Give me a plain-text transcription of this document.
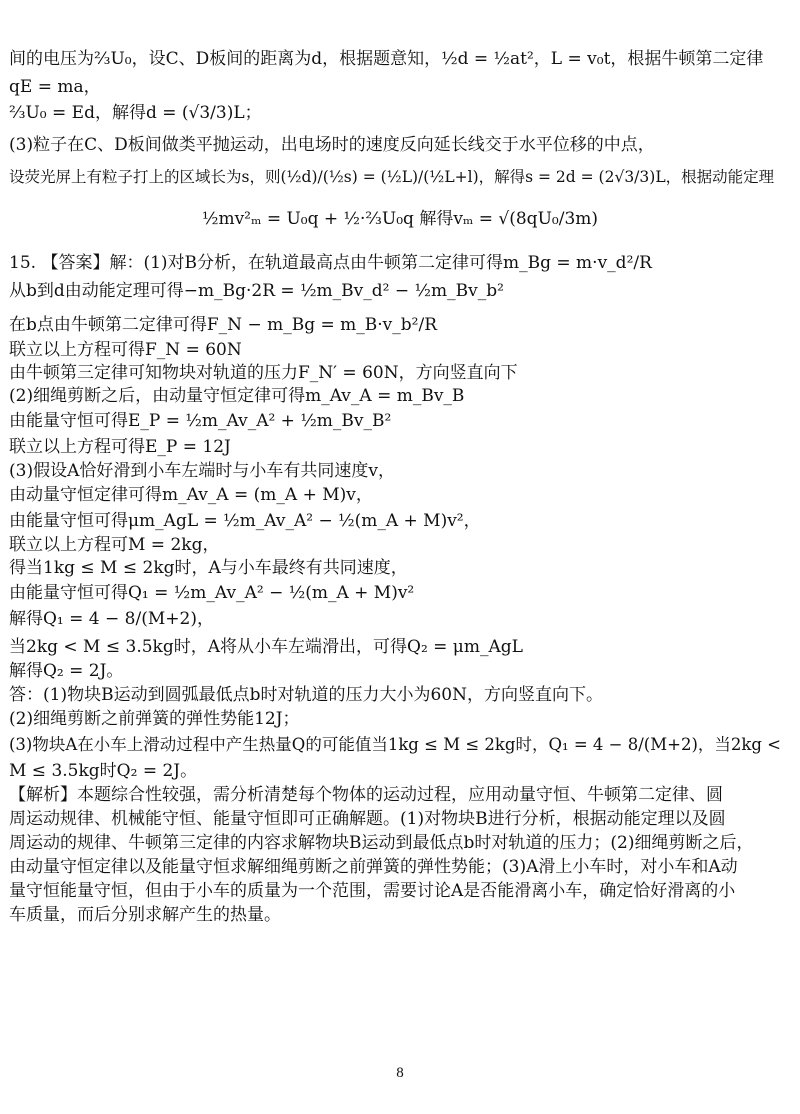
间的电压为⅔U₀，设C、D板间的距离为d，根据题意知，½d = ½at²，L = v₀t，根据牛顿第二定律
qE = ma，
⅔U₀ = Ed，解得d = (√3/3)L；
(3)粒子在C、D板间做类平抛运动，出电场时的速度反向延长线交于水平位移的中点，
设荧光屏上有粒子打上的区域长为s，则(½d)/(½s) = (½L)/(½L+l)，解得s = 2d = (2√3/3)L，根据动能定理
½mv²ₘ = U₀q + ½·⅔U₀q 解得vₘ = √(8qU₀/3m)
15. 【答案】解：(1)对B分析，在轨道最高点由牛顿第二定律可得m_Bg = m·v_d²/R
从b到d由动能定理可得−m_Bg·2R = ½m_Bv_d² − ½m_Bv_b²
在b点由牛顿第二定律可得F_N − m_Bg = m_B·v_b²/R
联立以上方程可得F_N = 60N
由牛顿第三定律可知物块对轨道的压力F_N′ = 60N，方向竖直向下
(2)细绳剪断之后，由动量守恒定律可得m_Av_A = m_Bv_B
由能量守恒可得E_P = ½m_Av_A² + ½m_Bv_B²
联立以上方程可得E_P = 12J
(3)假设A恰好滑到小车左端时与小车有共同速度v，
由动量守恒定律可得m_Av_A = (m_A + M)v，
由能量守恒可得μm_AgL = ½m_Av_A² − ½(m_A + M)v²，
联立以上方程可M = 2kg，
得当1kg ≤ M ≤ 2kg时，A与小车最终有共同速度，
由能量守恒可得Q₁ = ½m_Av_A² − ½(m_A + M)v²
解得Q₁ = 4 − 8/(M+2)，
当2kg < M ≤ 3.5kg时，A将从小车左端滑出，可得Q₂ = μm_AgL
解得Q₂ = 2J。
答：(1)物块B运动到圆弧最低点b时对轨道的压力大小为60N，方向竖直向下。
(2)细绳剪断之前弹簧的弹性势能12J；
(3)物块A在小车上滑动过程中产生热量Q的可能值当1kg ≤ M ≤ 2kg时，Q₁ = 4 − 8/(M+2)，当2kg <
M ≤ 3.5kg时Q₂ = 2J。
【解析】本题综合性较强，需分析清楚每个物体的运动过程，应用动量守恒、牛顿第二定律、圆
周运动规律、机械能守恒、能量守恒即可正确解题。(1)对物块B进行分析，根据动能定理以及圆
周运动的规律、牛顿第三定律的内容求解物块B运动到最低点b时对轨道的压力；(2)细绳剪断之后，
由动量守恒定律以及能量守恒求解细绳剪断之前弹簧的弹性势能；(3)A滑上小车时，对小车和A动
量守恒能量守恒，但由于小车的质量为一个范围，需要讨论A是否能滑离小车，确定恰好滑离的小
车质量，而后分别求解产生的热量。
8
